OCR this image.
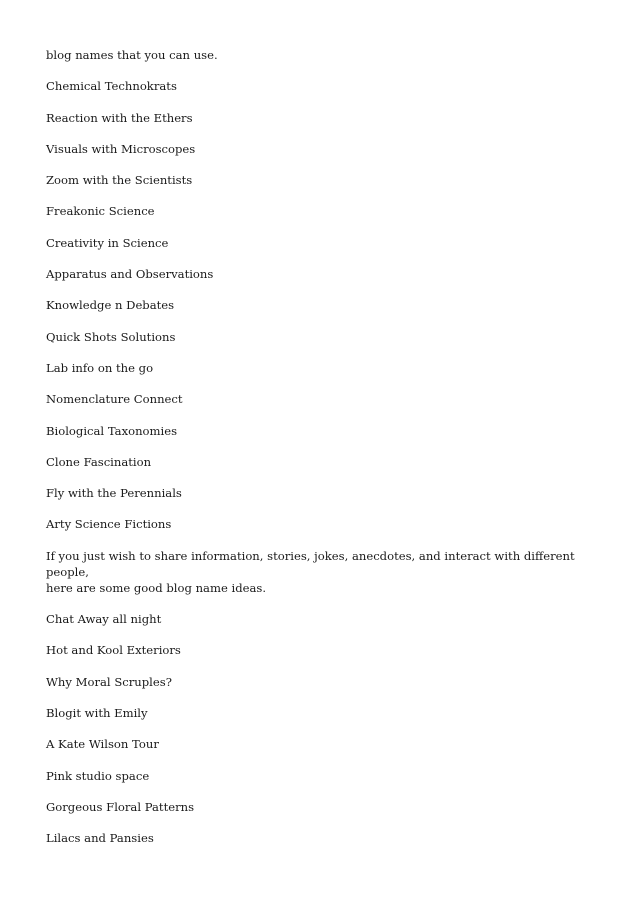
blog names that you can use.

Chemical Technokrats

Reaction with the Ethers

Visuals with Microscopes

Zoom with the Scientists

Freakonic Science

Creativity in Science

Apparatus and Observations

Knowledge n Debates

Quick Shots Solutions

Lab info on the go

Nomenclature Connect

Biological Taxonomies

Clone Fascination

Fly with the Perennials

Arty Science Fictions

If you just wish to share information, stories, jokes, anecdotes, and interact with different people,
here are some good blog name ideas.

Chat Away all night

Hot and Kool Exteriors

Why Moral Scruples?

Blogit with Emily

A Kate Wilson Tour

Pink studio space

Gorgeous Floral Patterns

Lilacs and Pansies
